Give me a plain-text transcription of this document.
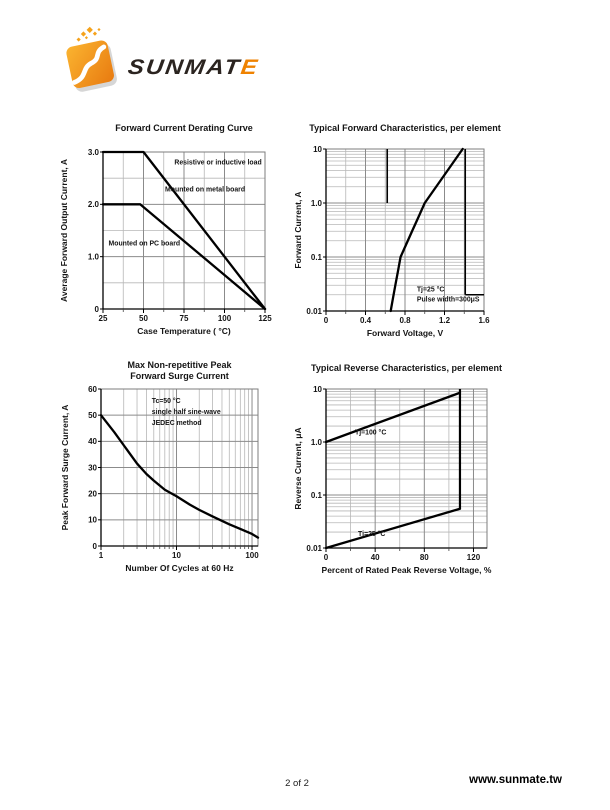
SUNMATE
25	50	75	100	125
0
1.0
2.0
3.0
Forward Current Derating Curve
Case Temperature ( °C)
Average Forward Output Current, A	Resistive or inductive load
Mounted on metal board
Mounted on PC board
0	0.4	0.8	1.2	1.6
0.01
0.1
1.0
10
Typical Forward Characteristics, per element
Forward Voltage, V
Forward Current, A
Tj=25 °C
Pulse width=300μS
1	10	100
0
10
20
30
40
50
60
Max Non-repetitive Peak
Forward Surge Current
Number Of Cycles at 60 Hz
Peak Forward Surge Current, A
Tc=50 °C
single half sine-wave
JEDEC method
0	40	80	120
0.01
0.1
1.0
10
Typical Reverse Characteristics, per element
Percent of Rated Peak Reverse Voltage, %
Reverse Current, μA	Tj=100 °C
Tj=25 °C
2 of 2	www.sunmate.tw
